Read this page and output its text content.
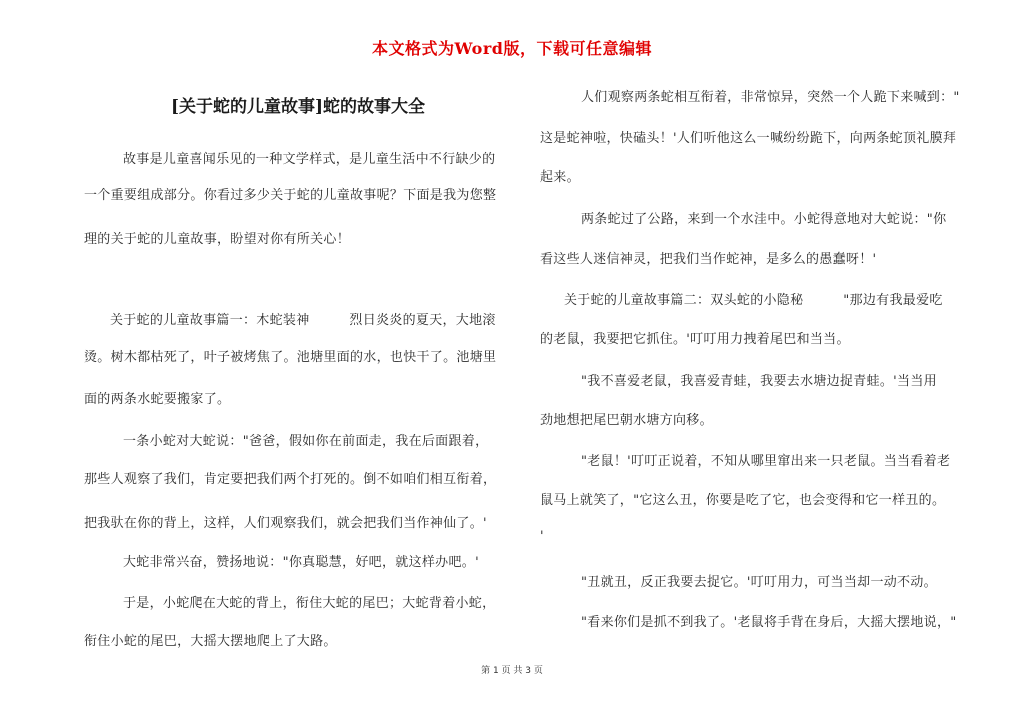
本文格式为Word版，下载可任意编辑
[关于蛇的儿童故事]蛇的故事大全
故事是儿童喜闻乐见的一种文学样式，是儿童生活中不行缺少的
一个重要组成部分。你看过多少关于蛇的儿童故事呢？下面是我为您整
理的关于蛇的儿童故事，盼望对你有所关心！
关于蛇的儿童故事篇一：木蛇装神　　　烈日炎炎的夏天，大地滚
烫。树木都枯死了，叶子被烤焦了。池塘里面的水，也快干了。池塘里
面的两条水蛇要搬家了。
一条小蛇对大蛇说："爸爸，假如你在前面走，我在后面跟着，
那些人观察了我们，肯定要把我们两个打死的。倒不如咱们相互衔着，
把我驮在你的背上，这样，人们观察我们，就会把我们当作神仙了。'
大蛇非常兴奋，赞扬地说："你真聪慧，好吧，就这样办吧。'
于是，小蛇爬在大蛇的背上，衔住大蛇的尾巴；大蛇背着小蛇，
衔住小蛇的尾巴，大摇大摆地爬上了大路。
人们观察两条蛇相互衔着，非常惊异，突然一个人跪下来喊到："
这是蛇神啦，快磕头！'人们听他这么一喊纷纷跪下，向两条蛇顶礼膜拜
起来。
两条蛇过了公路，来到一个水洼中。小蛇得意地对大蛇说："你
看这些人迷信神灵，把我们当作蛇神，是多么的愚蠢呀！'
关于蛇的儿童故事篇二：双头蛇的小隐秘　　　"那边有我最爱吃
的老鼠，我要把它抓住。'叮叮用力拽着尾巴和当当。
"我不喜爱老鼠，我喜爱青蛙，我要去水塘边捉青蛙。'当当用
劲地想把尾巴朝水塘方向移。
"老鼠！'叮叮正说着，不知从哪里窜出来一只老鼠。当当看着老
鼠马上就笑了，"它这么丑，你要是吃了它，也会变得和它一样丑的。
'
"丑就丑，反正我要去捉它。'叮叮用力，可当当却一动不动。
"看来你们是抓不到我了。'老鼠将手背在身后，大摇大摆地说，"
第 1 页 共 3 页
